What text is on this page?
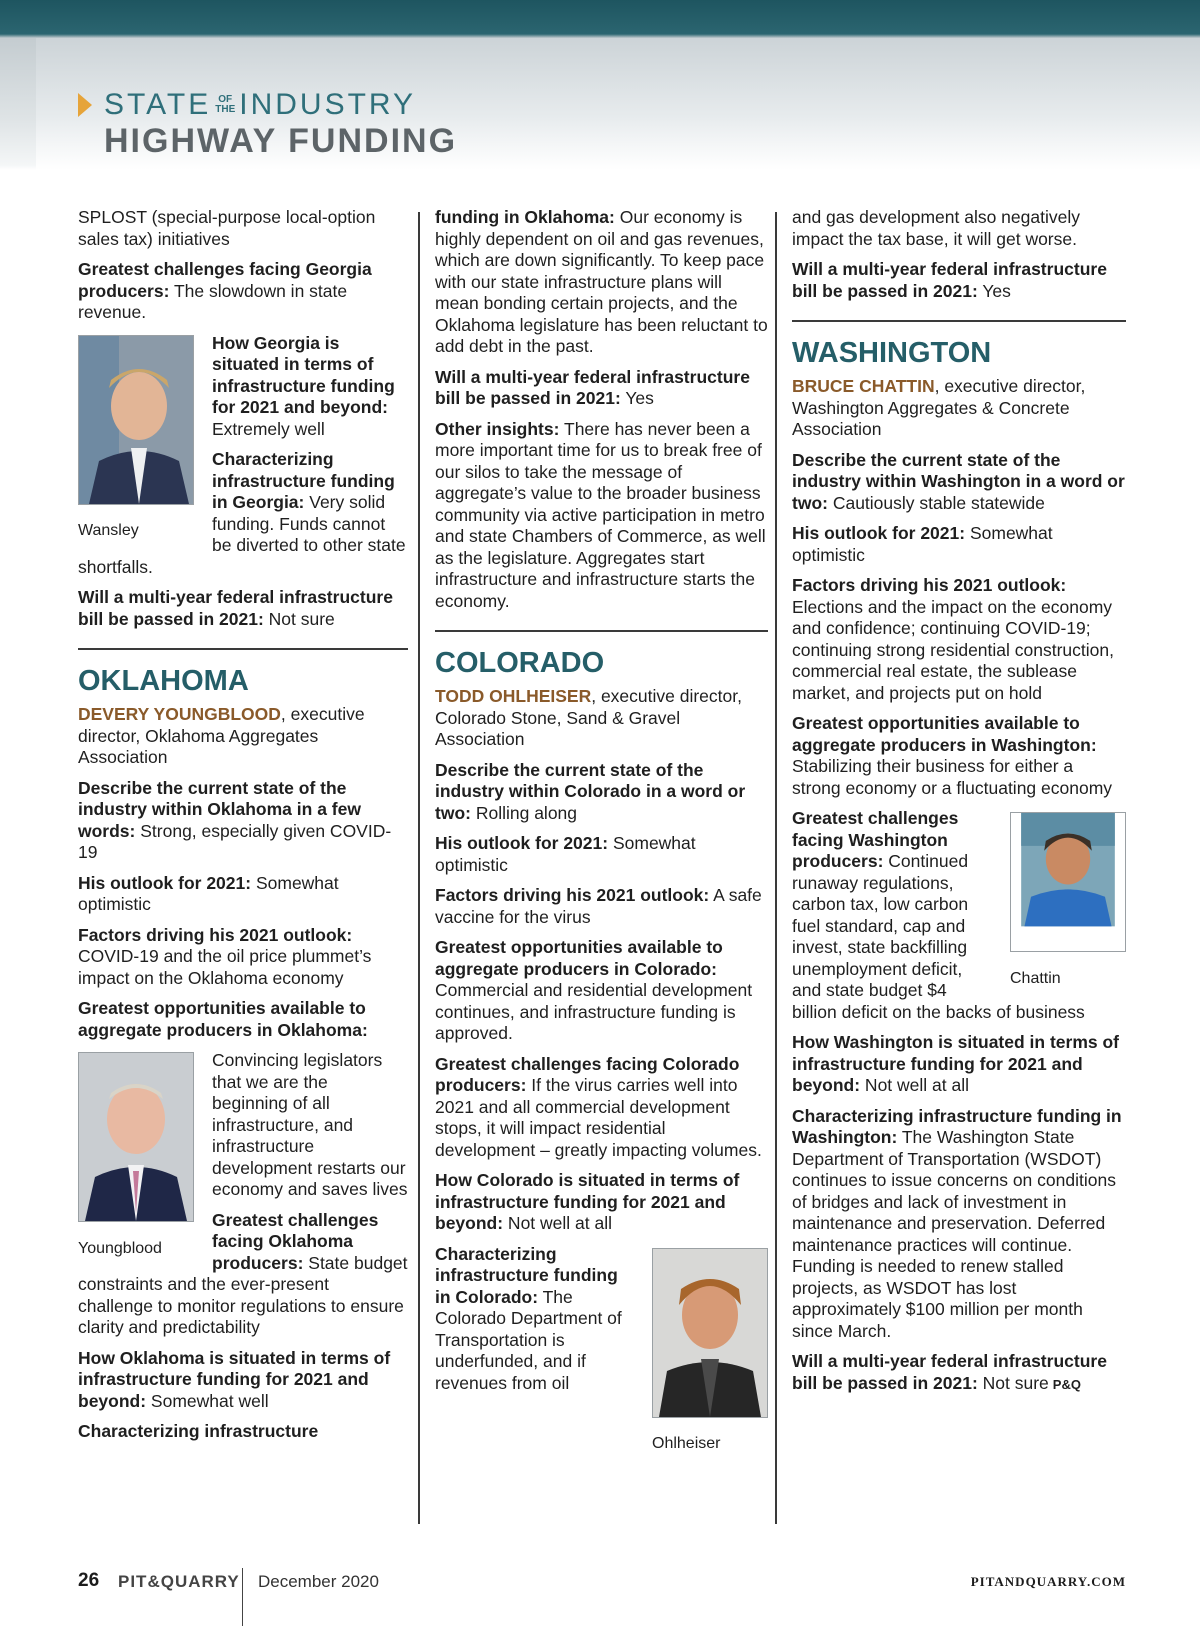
STATE OF
THE INDUSTRY
HIGHWAY FUNDING

SPLOST (special-purpose local-option sales tax) initiatives

Greatest challenges facing Georgia producers: The slowdown in state revenue.

Wansley

How Georgia is situated in terms of infrastructure funding for 2021 and beyond: Extremely well

Characterizing infrastructure funding in Georgia: Very solid funding. Funds cannot be diverted to other state shortfalls.

Will a multi-year federal infrastructure bill be passed in 2021: Not sure

OKLAHOMA

DEVERY YOUNGBLOOD, executive director, Oklahoma Aggregates Association

Describe the current state of the industry within Oklahoma in a few words: Strong, especially given COVID-19

His outlook for 2021: Somewhat optimistic

Factors driving his 2021 outlook: COVID-19 and the oil price plummet’s impact on the Oklahoma economy

Greatest opportunities available to aggregate producers in Oklahoma:

Youngblood

Convincing legislators that we are the beginning of all infrastructure, and infrastructure development restarts our economy and saves lives

Greatest challenges facing Oklahoma producers: State budget constraints and the ever-present challenge to monitor regulations to ensure clarity and predictability

How Oklahoma is situated in terms of infrastructure funding for 2021 and beyond: Somewhat well

Characterizing infrastructure

funding in Oklahoma: Our economy is highly dependent on oil and gas revenues, which are down significantly. To keep pace with our state infrastructure plans will mean bonding certain projects, and the Oklahoma legislature has been reluctant to add debt in the past.

Will a multi-year federal infrastructure bill be passed in 2021: Yes

Other insights: There has never been a more important time for us to break free of our silos to take the message of aggregate’s value to the broader business community via active participation in metro and state Chambers of Commerce, as well as the legislature. Aggregates start infrastructure and infrastructure starts the economy.

COLORADO

TODD OHLHEISER, executive director, Colorado Stone, Sand & Gravel Association

Describe the current state of the industry within Colorado in a word or two: Rolling along

His outlook for 2021: Somewhat optimistic

Factors driving his 2021 outlook: A safe vaccine for the virus

Greatest opportunities available to aggregate producers in Colorado: Commercial and residential development continues, and infrastructure funding is approved.

Greatest challenges facing Colorado producers: If the virus carries well into 2021 and all commercial development stops, it will impact residential development – greatly impacting volumes.

How Colorado is situated in terms of infrastructure funding for 2021 and beyond: Not well at all

Ohlheiser

Characterizing infrastructure funding in Colorado: The Colorado Department of Transportation is underfunded, and if revenues from oil

and gas development also negatively impact the tax base, it will get worse.

Will a multi-year federal infrastructure bill be passed in 2021: Yes

WASHINGTON

BRUCE CHATTIN, executive director, Washington Aggregates & Concrete Association

Describe the current state of the industry within Washington in a word or two: Cautiously stable statewide

His outlook for 2021: Somewhat optimistic

Factors driving his 2021 outlook: Elections and the impact on the economy and confidence; continuing COVID-19; continuing strong residential construction, commercial real estate, the sublease market, and projects put on hold

Greatest opportunities available to aggregate producers in Washington: Stabilizing their business for either a strong economy or a fluctuating economy

Chattin

Greatest challenges facing Washington producers: Continued runaway regulations, carbon tax, low carbon fuel standard, cap and invest, state backfilling unemployment deficit, and state budget $4 billion deficit on the backs of business

How Washington is situated in terms of infrastructure funding for 2021 and beyond: Not well at all

Characterizing infrastructure funding in Washington: The Washington State Department of Transportation (WSDOT) continues to issue concerns on conditions of bridges and lack of investment in maintenance and preservation. Deferred maintenance practices will continue. Funding is needed to renew stalled projects, as WSDOT has lost approximately $100 million per month since March.

Will a multi-year federal infrastructure bill be passed in 2021: Not sure P&Q

26 PIT&QUARRY December 2020	PITANDQUARRY.COM
